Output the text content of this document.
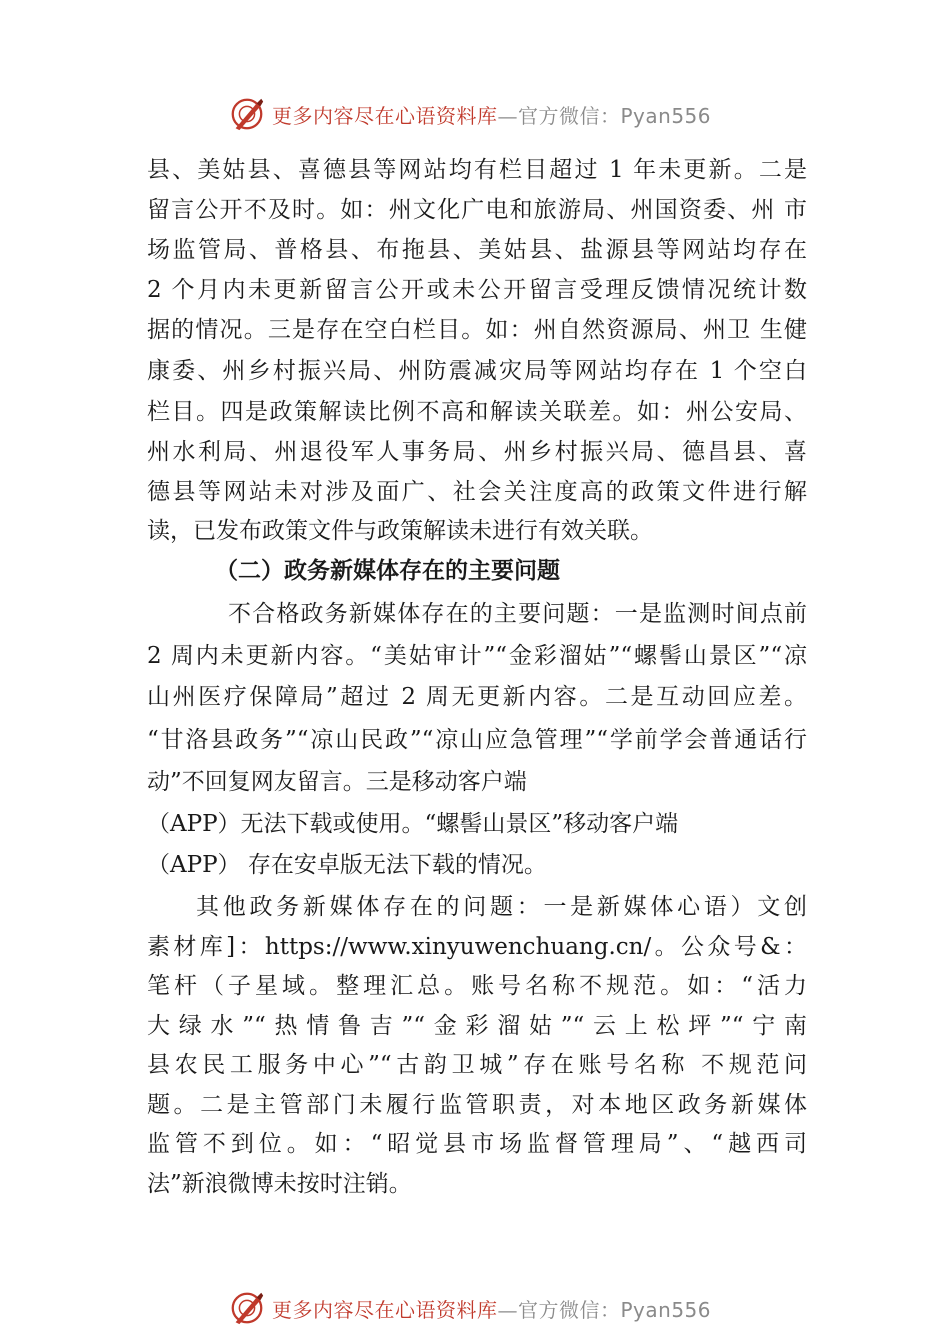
更多内容尽在心语资料库—官方微信：Pyan556
县、美姑县、喜德县等网站均有栏目超过 1 年未更新。二是
留言公开不及时。如：州文化广电和旅游局、州国资委、州 市
场监管局、普格县、布拖县、美姑县、盐源县等网站均存在
2 个月内未更新留言公开或未公开留言受理反馈情况统计数
据的情况。三是存在空白栏目。如：州自然资源局、州卫 生健
康委、州乡村振兴局、州防震减灾局等网站均存在 1 个空白
栏目。四是政策解读比例不高和解读关联差。如：州公安局、
州水利局、州退役军人事务局、州乡村振兴局、德昌县、喜
德县等网站未对涉及面广、社会关注度高的政策文件进行解
读，已发布政策文件与政策解读未进行有效关联。
（二）政务新媒体存在的主要问题
不合格政务新媒体存在的主要问题：一是监测时间点前
2 周内未更新内容。“美姑审计”“金彩溜姑”“螺髻山景区”“凉
山州医疗保障局”超过 2 周无更新内容。二是互动回应差。
“甘洛县政务”“凉山民政”“凉山应急管理”“学前学会普通话行
动”不回复网友留言。三是移动客户端
（APP）无法下载或使用。“螺髻山景区”移动客户端
（APP） 存在安卓版无法下载的情况。
其他政务新媒体存在的问题：一是新媒体心语）文创
素材库]：https://www.xinyuwenchuang.cn/。公众号&：
笔杆（子星域。整理汇总。账号名称不规范。如：“活力
大绿水”“热情鲁吉”“金彩溜姑”“云上松坪”“宁南
县农民工服务中心”“古韵卫城”存在账号名称 不规范问
题。二是主管部门未履行监管职责，对本地区政务新媒体
监管不到位。如：“昭觉县市场监督管理局”、“越西司
法”新浪微博未按时注销。
更多内容尽在心语资料库—官方微信：Pyan556
